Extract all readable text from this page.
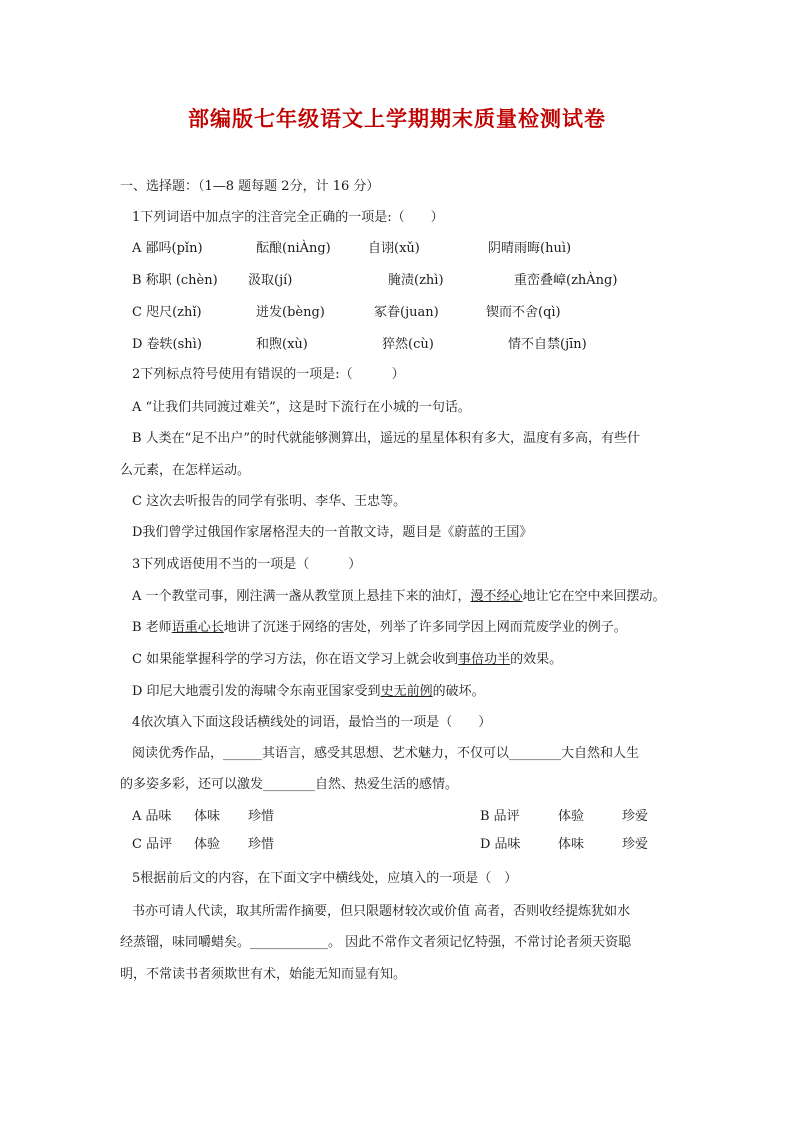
部编版七年级语文上学期期末质量检测试卷
一、选择题：（1—8 题每题 2分，计 16 分）
1下列词语中加点字的注音完全正确的一项是:（　　）
A 鄙吗(pǐn)	酝酿(niÀng)	自诩(xǔ)	阴晴雨晦(huì)
B 称职 (chèn) 汲取(jí)	腌渍(zhì)	重峦叠嶂(zhÀng)
C 咫尺(zhǐ)	迸发(bèng)	冢眷(juan)	锲而不舍(qì)
D 卷轶(shì)	和煦(xù)	猝然(cù)	情不自禁(jīn)
2下列标点符号使用有错误的一项是:（　　　）
A “让我们共同渡过难关”，这是时下流行在小城的一句话。
B 人类在“足不出户”的时代就能够测算出，遥远的星星体积有多大，温度有多高，有些什
么元素，在怎样运动。
C 这次去听报告的同学有张明、李华、王忠等。
D我们曾学过俄国作家屠格涅夫的一首散文诗，题目是《蔚蓝的王国》
3下列成语使用不当的一项是（　　　）
A 一个教堂司事，刚注满一盏从教堂顶上悬挂下来的油灯，漫不经心地让它在空中来回摆动。
B 老师语重心长地讲了沉迷于网络的害处，列举了许多同学因上网而荒废学业的例子。
C 如果能掌握科学的学习方法，你在语文学习上就会收到事倍功半的效果。
D 印尼大地震引发的海啸令东南亚国家受到史无前例的破坏。
4依次填入下面这段话横线处的词语，最恰当的一项是（　　）
阅读优秀作品，______其语言，感受其思想、艺术魅力，不仅可以________大自然和人生
的多姿多彩，还可以激发________自然、热爱生活的感情。
A 品味 体味 珍惜	B 品评	体验	珍爱
C 品评 体验 珍惜	D 品味	体味	珍爱
5根据前后文的内容，在下面文字中横线处，应填入的一项是（　）
书亦可请人代读，取其所需作摘要，但只限题材较次或价值 高者，否则收经提炼犹如水
经蒸镏，味同嚼蜡矣。____________。 因此不常作文者须记忆特强，不常讨论者须天资聪
明，不常读书者须欺世有术，始能无知而显有知。
